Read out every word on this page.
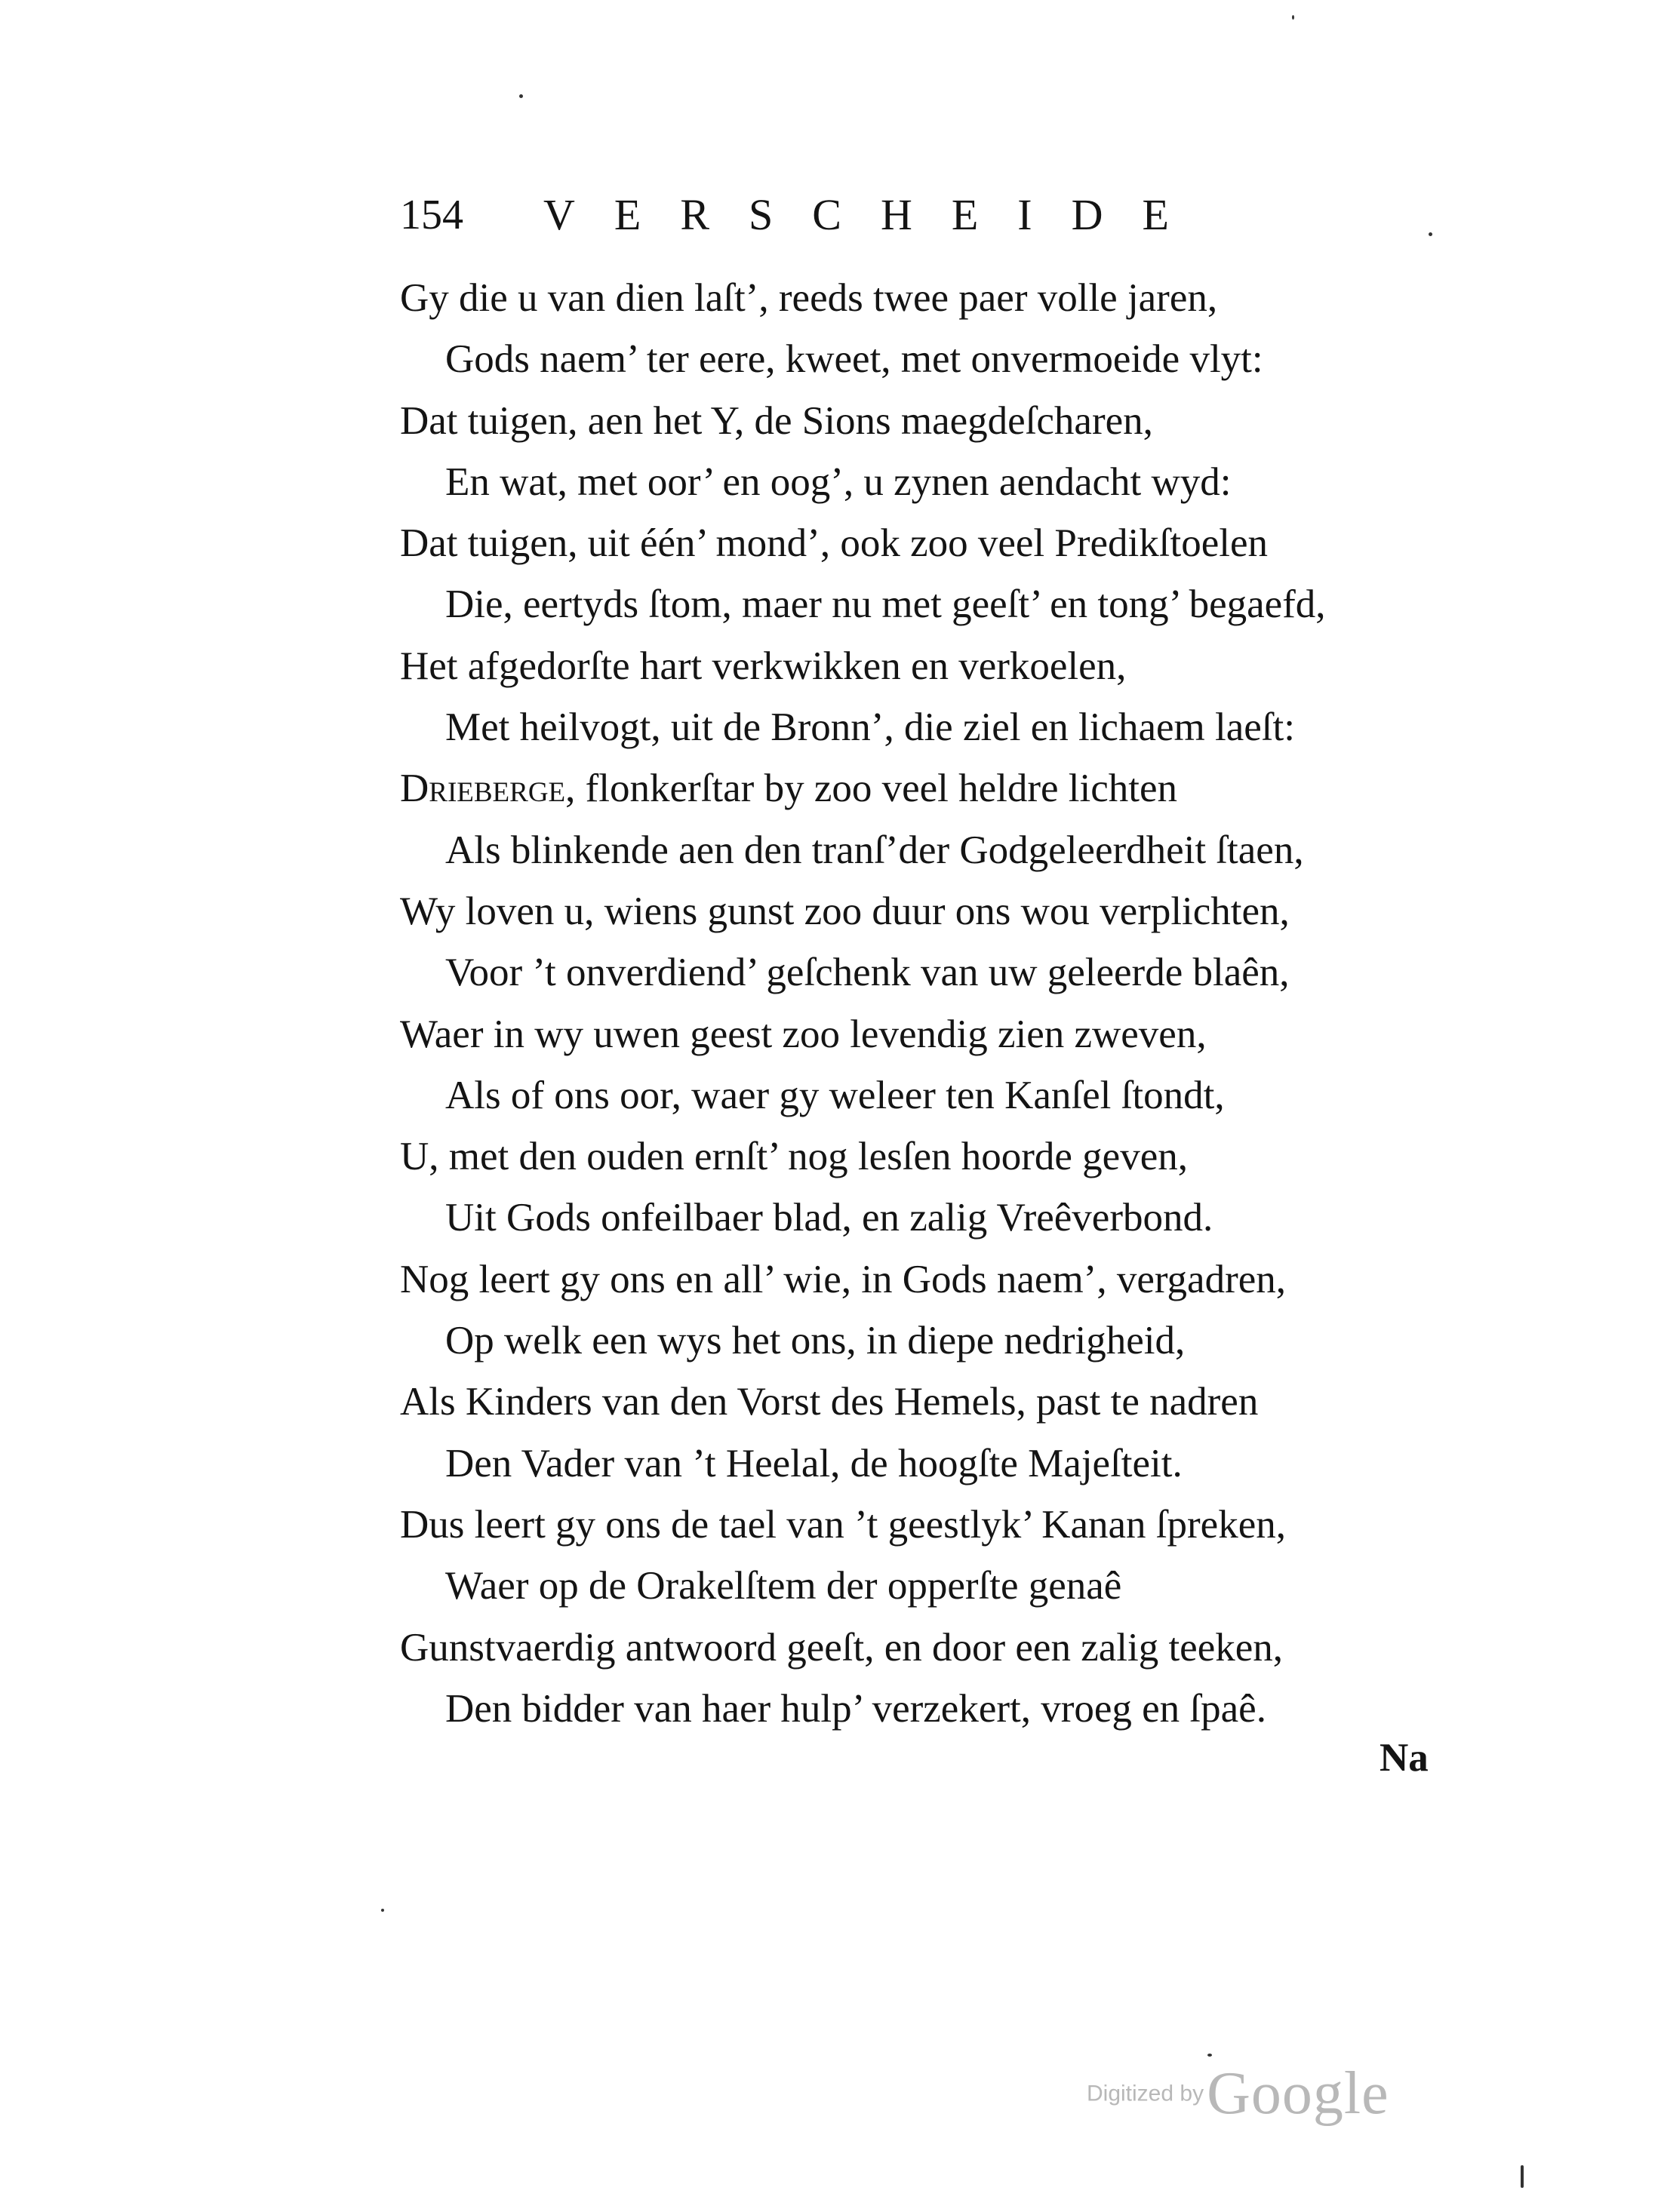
154 VERSCHEIDE
Gy die u van dien laſt’, reeds twee paer volle jaren,
Gods naem’ ter eere, kweet, met onvermoeide vlyt:
Dat tuigen, aen het Y, de Sions maegdeſcharen,
En wat, met oor’ en oog’, u zynen aendacht wyd:
Dat tuigen, uit één’ mond’, ook zoo veel Predikſtoelen
Die, eertyds ſtom, maer nu met geeſt’ en tong’ begaefd,
Het afgedorſte hart verkwikken en verkoelen,
Met heilvogt, uit de Bronn’, die ziel en lichaem laeſt:
Driebergе, flonkerſtar by zoo veel heldre lichten
Als blinkende aen den tranſ’der Godgeleerdheit ſtaen,
Wy loven u, wiens gunst zoo duur ons wou verplichten,
Voor ’t onverdiend’ geſchenk van uw geleerde blaên,
Waer in wy uwen geest zoo levendig zien zweven,
Als of ons oor, waer gy weleer ten Kanſel ſtondt,
U, met den ouden ernſt’ nog lesſen hoorde geven,
Uit Gods onfeilbaer blad, en zalig Vreêverbond.
Nog leert gy ons en all’ wie, in Gods naem’, vergadren,
Op welk een wys het ons, in diepe nedrigheid,
Als Kinders van den Vorst des Hemels, past te nadren
Den Vader van ’t Heelal, de hoogſte Majeſteit.
Dus leert gy ons de tael van ’t geestlyk’ Kanan ſpreken,
Waer op de Orakelſtem der opperſte genaê
Gunstvaerdig antwoord geeſt, en door een zalig teeken,
Den bidder van haer hulp’ verzekert, vroeg en ſpaê.
Na
Digitized by Google
